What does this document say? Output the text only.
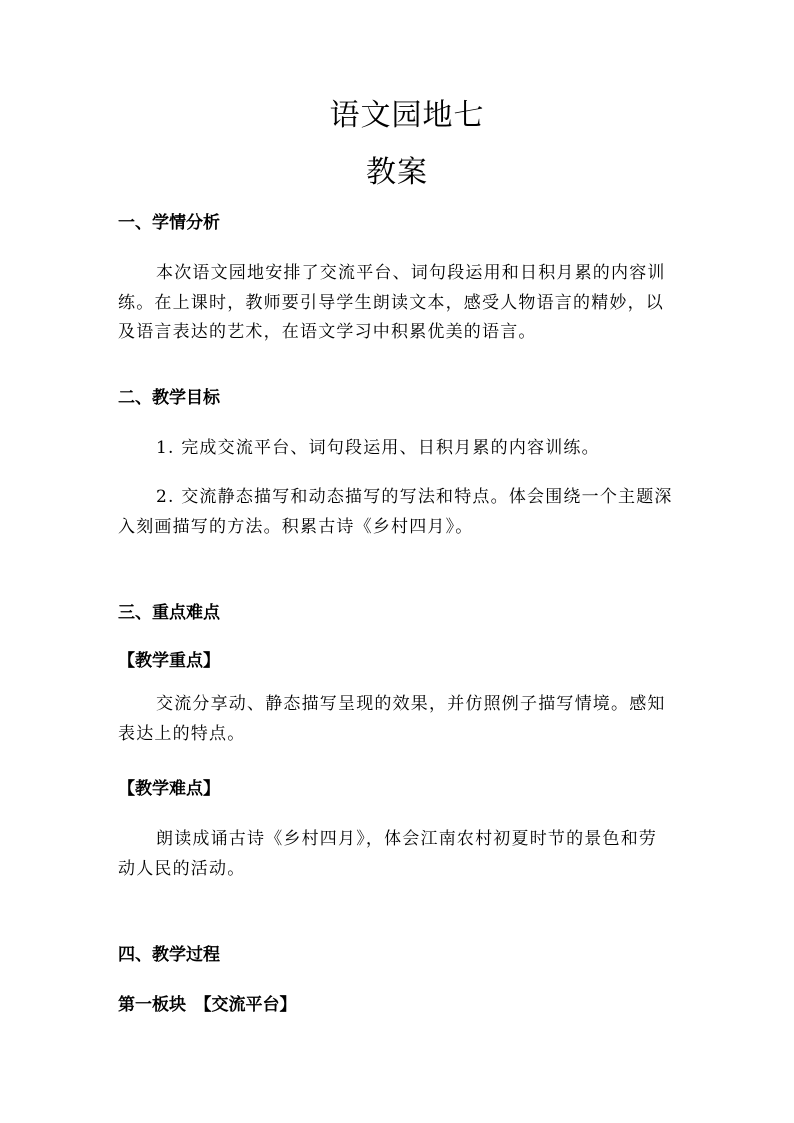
语文园地七
教案
一、学情分析
本次语文园地安排了交流平台、词句段运用和日积月累的内容训
练。在上课时，教师要引导学生朗读文本，感受人物语言的精妙，以
及语言表达的艺术，在语文学习中积累优美的语言。
二、教学目标
1. 完成交流平台、词句段运用、日积月累的内容训练。
2. 交流静态描写和动态描写的写法和特点。体会围绕一个主题深
入刻画描写的方法。积累古诗《乡村四月》。
三、重点难点
【教学重点】
交流分享动、静态描写呈现的效果，并仿照例子描写情境。感知
表达上的特点。
【教学难点】
朗读成诵古诗《乡村四月》，体会江南农村初夏时节的景色和劳
动人民的活动。
四、教学过程
第一板块　【交流平台】
